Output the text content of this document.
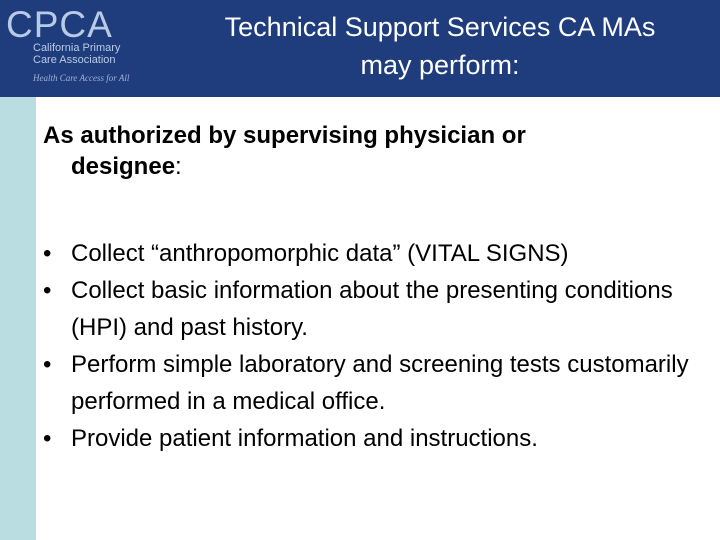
CPCA
California Primary
Care Association
Health Care Access for All
Technical Support Services CA MAs
may perform:
As authorized by supervising physician or
designee:
• Collect “anthropomorphic data” (VITAL SIGNS)
• Collect basic information about the presenting conditions (HPI) and past history.
• Perform simple laboratory and screening tests customarily performed in a medical office.
• Provide patient information and instructions.
